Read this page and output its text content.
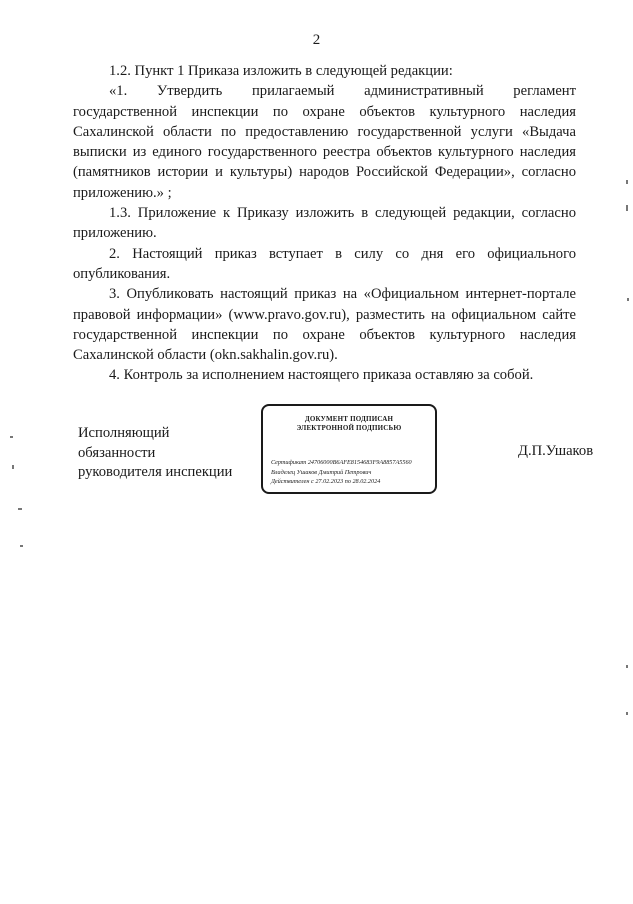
2

1.2. Пункт 1 Приказа изложить в следующей редакции:

«1. Утвердить прилагаемый административный регламент государственной инспекции по охране объектов культурного наследия Сахалинской области по предоставлению государственной услуги «Выдача выписки из единого государственного реестра объектов культурного наследия (памятников истории и культуры) народов Российской Федерации», согласно приложению.» ;

1.3. Приложение к Приказу изложить в следующей редакции, согласно приложению.

2. Настоящий приказ вступает в силу со дня его официального опубликования.

3. Опубликовать настоящий приказ на «Официальном интернет-портале правовой информации» (www.pravo.gov.ru), разместить на официальном сайте государственной инспекции по охране объектов культурного наследия Сахалинской области (okn.sakhalin.gov.ru).

4. Контроль за исполнением настоящего приказа оставляю за собой.

Исполняющий
обязанности
руководителя инспекции
ДОКУМЕНТ ПОДПИСАН
ЭЛЕКТРОННОЙ ПОДПИСЬЮ
Сертификат 24706000B6AFE8154683F9A8857A5560
Владелец Ушаков Дмитрий Петрович
Действителен с 27.02.2023 по 28.02.2024
Д.П.Ушаков
